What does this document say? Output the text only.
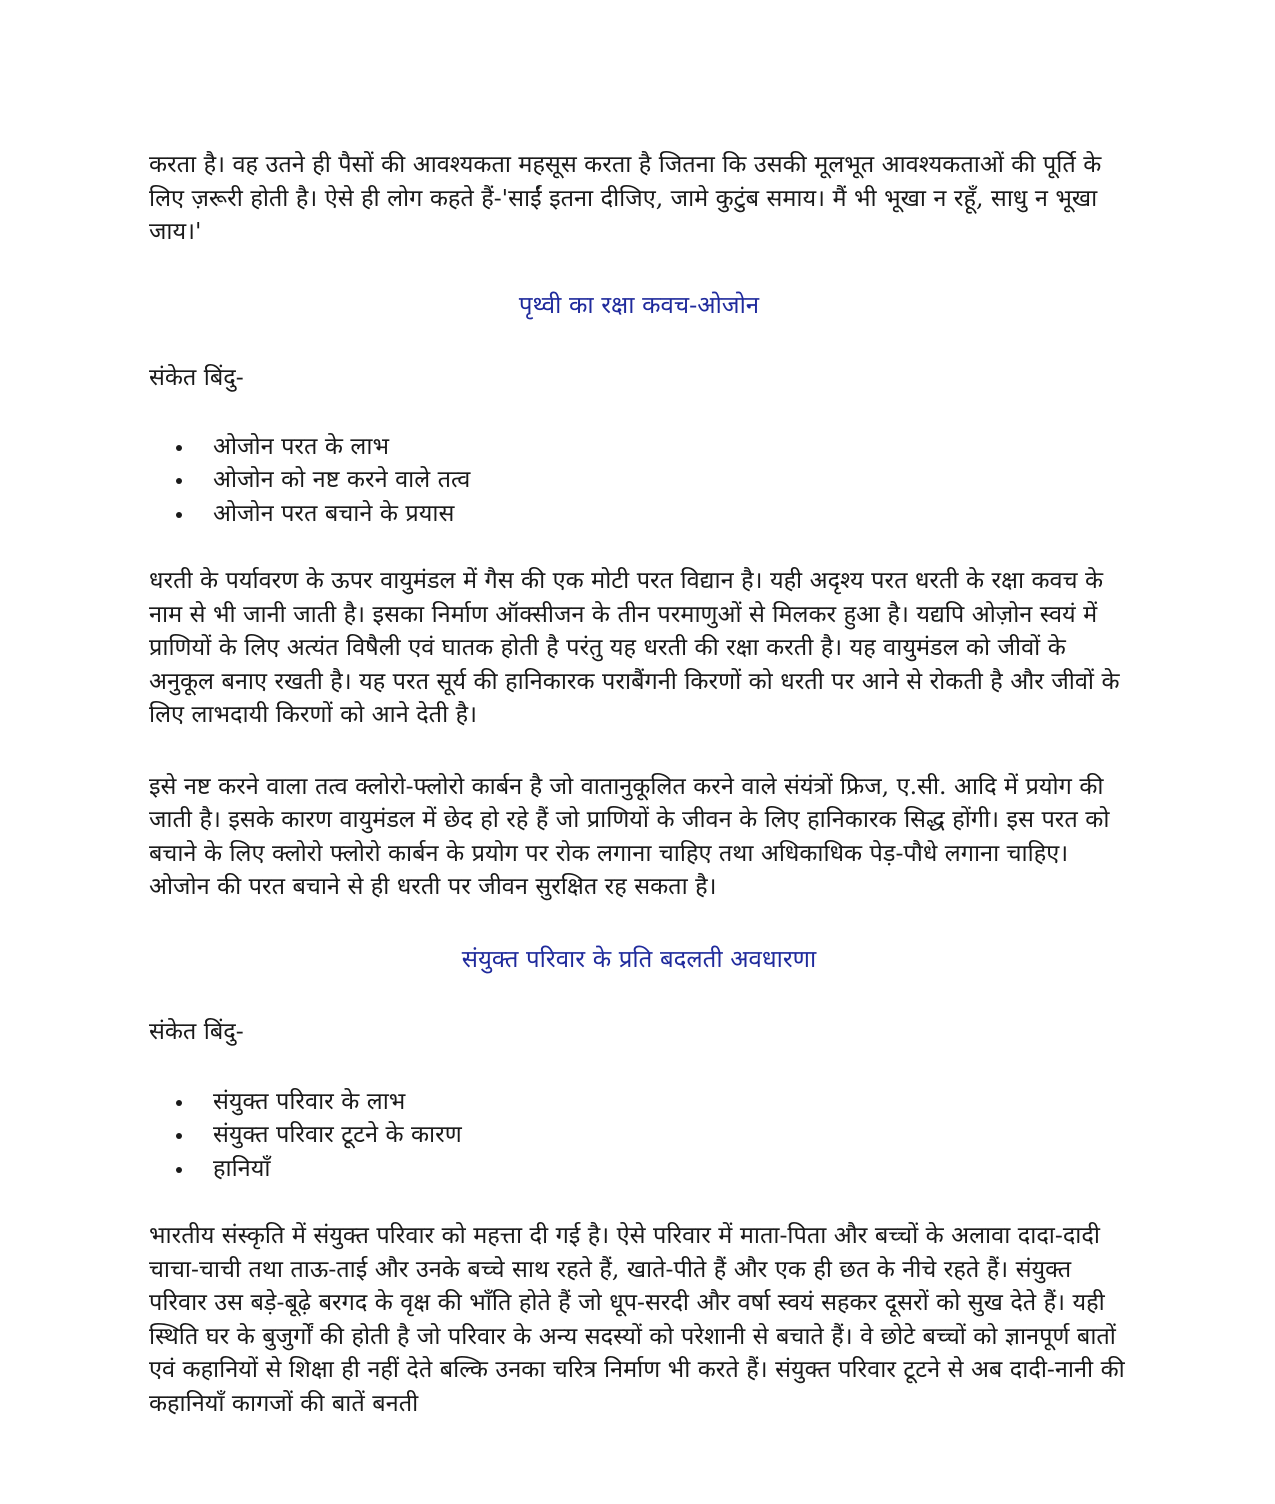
करता है। वह उतने ही पैसों की आवश्यकता महसूस करता है जितना कि उसकी मूलभूत आवश्यकताओं की पूर्ति के लिए ज़रूरी होती है। ऐसे ही लोग कहते हैं-'साईं इतना दीजिए, जामे कुटुंब समाय। मैं भी भूखा न रहूँ, साधु न भूखा जाय।'

पृथ्वी का रक्षा कवच-ओजोन

संकेत बिंदु-

ओजोन परत के लाभ
ओजोन को नष्ट करने वाले तत्व
ओजोन परत बचाने के प्रयास

धरती के पर्यावरण के ऊपर वायुमंडल में गैस की एक मोटी परत विद्यान है। यही अदृश्य परत धरती के रक्षा कवच के नाम से भी जानी जाती है। इसका निर्माण ऑक्सीजन के तीन परमाणुओं से मिलकर हुआ है। यद्यपि ओज़ोन स्वयं में प्राणियों के लिए अत्यंत विषैली एवं घातक होती है परंतु यह धरती की रक्षा करती है। यह वायुमंडल को जीवों के अनुकूल बनाए रखती है। यह परत सूर्य की हानिकारक पराबैंगनी किरणों को धरती पर आने से रोकती है और जीवों के लिए लाभदायी किरणों को आने देती है।

इसे नष्ट करने वाला तत्व क्लोरो-फ्लोरो कार्बन है जो वातानुकूलित करने वाले संयंत्रों फ्रिज, ए.सी. आदि में प्रयोग की जाती है। इसके कारण वायुमंडल में छेद हो रहे हैं जो प्राणियों के जीवन के लिए हानिकारक सिद्ध होंगी। इस परत को बचाने के लिए क्लोरो फ्लोरो कार्बन के प्रयोग पर रोक लगाना चाहिए तथा अधिकाधिक पेड़-पौधे लगाना चाहिए। ओजोन की परत बचाने से ही धरती पर जीवन सुरक्षित रह सकता है।

संयुक्त परिवार के प्रति बदलती अवधारणा

संकेत बिंदु-

संयुक्त परिवार के लाभ
संयुक्त परिवार टूटने के कारण
हानियाँ

भारतीय संस्कृति में संयुक्त परिवार को महत्ता दी गई है। ऐसे परिवार में माता-पिता और बच्चों के अलावा दादा-दादी चाचा-चाची तथा ताऊ-ताई और उनके बच्चे साथ रहते हैं, खाते-पीते हैं और एक ही छत के नीचे रहते हैं। संयुक्त परिवार उस बड़े-बूढ़े बरगद के वृक्ष की भाँति होते हैं जो धूप-सरदी और वर्षा स्वयं सहकर दूसरों को सुख देते हैं। यही स्थिति घर के बुजुर्गों की होती है जो परिवार के अन्य सदस्यों को परेशानी से बचाते हैं। वे छोटे बच्चों को ज्ञानपूर्ण बातों एवं कहानियों से शिक्षा ही नहीं देते बल्कि उनका चरित्र निर्माण भी करते हैं। संयुक्त परिवार टूटने से अब दादी-नानी की कहानियाँ कागजों की बातें बनती
